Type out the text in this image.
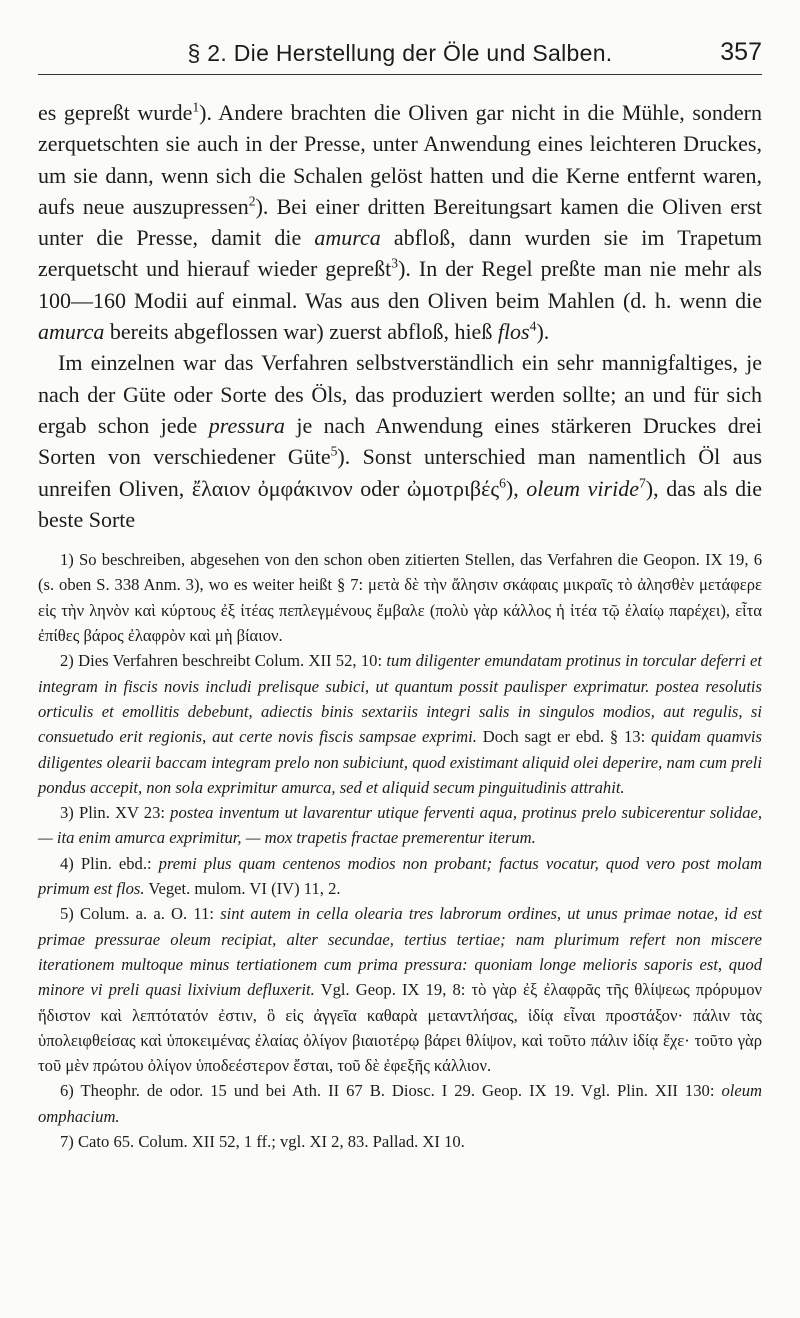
§ 2. Die Herstellung der Öle und Salben.	357

es gepreßt wurde$^1$). Andere brachten die Oliven gar nicht in die Mühle, sondern zerquetschten sie auch in der Presse, unter Anwendung eines leichteren Druckes, um sie dann, wenn sich die Schalen gelöst hatten und die Kerne entfernt waren, aufs neue auszupressen$^2$). Bei einer dritten Bereitungsart kamen die Oliven erst unter die Presse, damit die amurca abfloß, dann wurden sie im Trapetum zerquetscht und hierauf wieder gepreßt$^3$). In der Regel preßte man nie mehr als 100—160 Modii auf einmal. Was aus den Oliven beim Mahlen (d. h. wenn die amurca bereits abgeflossen war) zuerst abfloß, hieß flos$^4$).

Im einzelnen war das Verfahren selbstverständlich ein sehr mannigfaltiges, je nach der Güte oder Sorte des Öls, das produziert werden sollte; an und für sich ergab schon jede pressura je nach Anwendung eines stärkeren Druckes drei Sorten von verschiedener Güte$^5$). Sonst unterschied man namentlich Öl aus unreifen Oliven, ἔλαιον ὀμφάκινον oder ὠμοτριβές$^6$), oleum viride$^7$), das als die beste Sorte

1) So beschreiben, abgesehen von den schon oben zitierten Stellen, das Verfahren die Geopon. IX 19, 6 (s. oben S. 338 Anm. 3), wo es weiter heißt § 7: μετὰ δὲ τὴν ἄλησιν σκάφαις μικραῖς τὸ ἀλησθὲν μετάφερε εἰς τὴν ληνὸν καὶ κύρτους ἐξ ἰτέας πεπλεγμένους ἔμβαλε (πολὺ γὰρ κάλλος ἡ ἰτέα τῷ ἐλαίῳ παρέχει), εἶτα ἐπίθες βάρος ἐλαφρὸν καὶ μὴ βίαιον.

2) Dies Verfahren beschreibt Colum. XII 52, 10: tum diligenter emundatam protinus in torcular deferri et integram in fiscis novis includi prelisque subici, ut quantum possit paulisper exprimatur. postea resolutis orticulis et emollitis debebunt, adiectis binis sextariis integri salis in singulos modios, aut regulis, si consuetudo erit regionis, aut certe novis fiscis sampsae exprimi. Doch sagt er ebd. § 13: quidam quamvis diligentes olearii baccam integram prelo non subiciunt, quod existimant aliquid olei deperire, nam cum preli pondus accepit, non sola exprimitur amurca, sed et aliquid secum pinguitudinis attrahit.

3) Plin. XV 23: postea inventum ut lavarentur utique ferventi aqua, protinus prelo subicerentur solidae, — ita enim amurca exprimitur, — mox trapetis fractae premerentur iterum.

4) Plin. ebd.: premi plus quam centenos modios non probant; factus vocatur, quod vero post molam primum est flos. Veget. mulom. VI (IV) 11, 2.

5) Colum. a. a. O. 11: sint autem in cella olearia tres labrorum ordines, ut unus primae notae, id est primae pressurae oleum recipiat, alter secundae, tertius tertiae; nam plurimum refert non miscere iterationem multoque minus tertiationem cum prima pressura: quoniam longe melioris saporis est, quod minore vi preli quasi lixivium defluxerit. Vgl. Geop. IX 19, 8: τὸ γὰρ ἐξ ἐλαφρᾶς τῆς θλίψεως πρόρυμον ἥδιστον καὶ λεπτότατόν ἐστιν, ὃ εἰς ἀγγεῖα καθαρὰ μεταντλήσας, ἰδίᾳ εἶναι προστάξον· πάλιν τὰς ὑπολειφθείσας καὶ ὑποκειμένας ἐλαίας ὀλίγον βιαιοτέρῳ βάρει θλίψον, καὶ τοῦτο πάλιν ἰδίᾳ ἔχε· τοῦτο γὰρ τοῦ μὲν πρώτου ὀλίγον ὑποδεέστερον ἔσται, τοῦ δὲ ἐφεξῆς κάλλιον.

6) Theophr. de odor. 15 und bei Ath. II 67 B. Diosc. I 29. Geop. IX 19. Vgl. Plin. XII 130: oleum omphacium.

7) Cato 65. Colum. XII 52, 1 ff.; vgl. XI 2, 83. Pallad. XI 10.
